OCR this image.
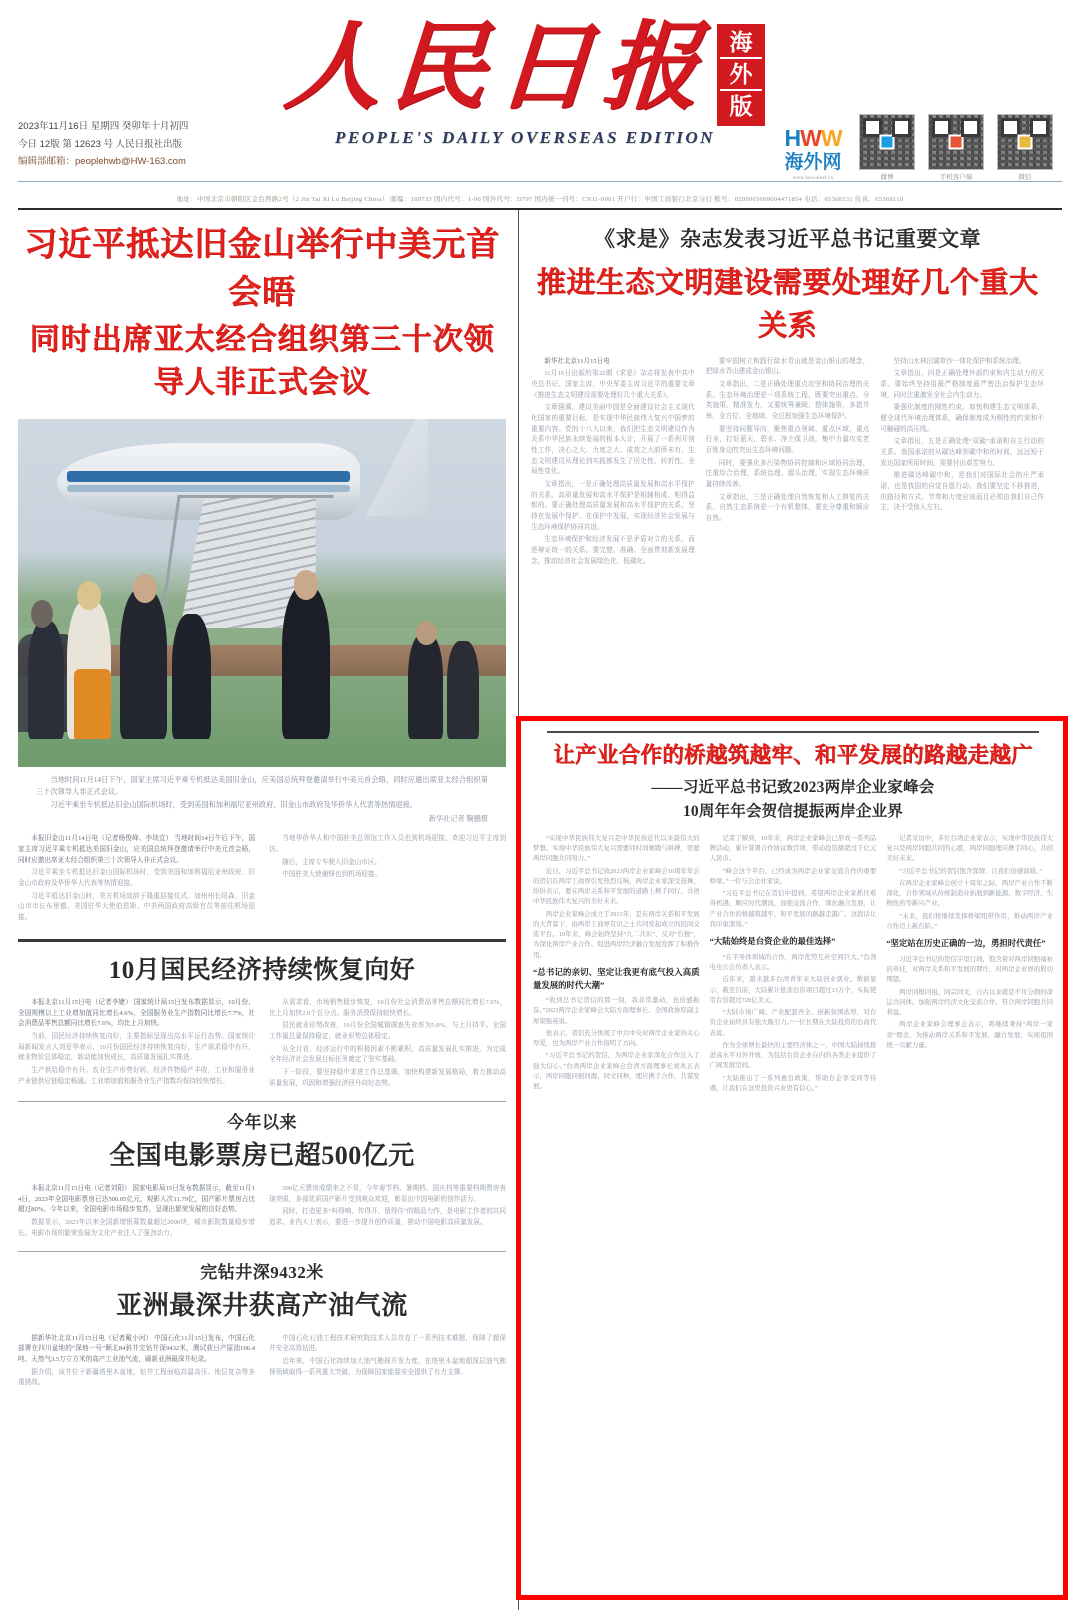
2023年11月16日 星期四 癸卯年十月初四
今日 12版 第 12623 号 人民日报社出版
编辑部邮箱：peoplehwb@HW-163.com
人民日报 海
外
版
PEOPLE'S DAILY OVERSEAS EDITION	HWW
海外网
www.haiwainet.cn	微博	手机客户端	微信
地址：中国北京市朝阳区金台西路2号（2 Jin Tai Xi Lu Beijing China） 邮编：100733 国内代号：1-96 国外代号：D797 国内统一刊号：CN11-0001 开户行：中国工商银行北京分行 账号：0200003609004471854 电话：65368131 传真：65368110
习近平抵达旧金山举行中美元首会晤
同时出席亚太经合组织第三十次领导人非正式会议

当地时间11月14日下午，国家主席习近平乘专机抵达美国旧金山，应美国总统拜登邀请举行中美元首会晤，同时应邀出席亚太经合组织第三十次领导人非正式会议。

习近平乘坐专机抵达旧金山国际机场时，受到美国和加利福尼亚州政府、旧金山市政府及华侨华人代表等热情迎接。

新华社记者 鞠鹏摄

本报旧金山11月14日电（记者杨俊峰、李琰宜） 当地时间14日午后下午，国家主席习近平乘专机抵达美国旧金山，应美国总统拜登邀请举行中美元首会晤，同时应邀出席亚太经合组织第三十次领导人非正式会议。

习近平乘坐专机抵达旧金山国际机场时，受到美国和加利福尼亚州政府、旧金山市政府及华侨华人代表等热情迎接。

习近平抵达旧金山时，美方机场致辞于隆重迎接仪式。加州州长纽森、旧金山市市长布里德、美国驻华大使伯恩斯、中美两国政府高级官员等前往机场迎接。

当地华侨华人和中国驻美总领馆工作人员也到机场迎接，欢迎习近平主席到访。

随后，主席专车驶入旧金山市区。

中国驻美大使谢锋也到机场迎接。

10月国民经济持续恢复向好

本报北京11月15日电（记者李婕） 国家统计局15日发布数据显示，10月份，全国规模以上工业增加值同比增长4.6%，全国服务业生产指数同比增长7.7%，社会消费品零售总额同比增长7.6%，均比上月加快。

当前，国民经济持续恢复向好，主要指标呈现出高水平运行态势。国家统计局新闻发言人刘爱华表示，10月份国民经济持续恢复向好，生产需求稳中有升，就业物价总体稳定，新动能加快成长，高质量发展扎实推进。

生产供给稳中有升。农业生产形势好转，经济作物稳产丰收，工业和服务业产业链供应链稳定畅通。工业增加值和服务业生产指数均保持较快增长。

从需求看，市场销售稳步恢复，10月份社会消费品零售总额同比增长7.6%，比上月加快2.0个百分点。服务消费保持较快增长。

居民就业形势改善，10月份全国城镇调查失业率为5.0%，与上月持平。全国工作量总量保持稳定，就业形势总体稳定。

从全月看，经济运行中的积极因素不断累积，高质量发展扎实推进，为完成全年经济社会发展目标任务奠定了坚实基础。

下一阶段，要坚持稳中求进工作总基调，加快构建新发展格局，着力推动高质量发展，巩固和增强经济回升向好态势。

今年以来
全国电影票房已超500亿元

本报北京11月15日电（记者刘阳） 国家电影局15日发布数据显示，截至11月14日，2023年全国电影票房已达500.05亿元，观影人次11.79亿，国产影片票房占比超过80%。今年以来，全国电影市场稳步复苏，呈现出繁荣发展的良好态势。

数据显示，2023年以来全国新增银幕数量超过2000块，城市影院数量稳步增长。电影市场的繁荣发展为文化产业注入了强劲动力。

500亿元票房成绩来之不易，今年春节档、暑期档、国庆档等重要档期票房表现亮眼，多部优质国产影片受到观众欢迎，彰显出中国电影的创作活力。

同时，打造更多“叫得响、传得开、留得住”的精品力作，是电影工作者的共同追求。业内人士表示，要进一步提升创作质量，推动中国电影高质量发展。

完钻井深9432米
亚洲最深井获高产油气流

据新华社北京11月15日电（记者戴小河） 中国石化11月15日发布，中国石化部署在四川盆地的“深地一号”顺北84斜井完钻井深9432米，测试获日产原油106.4吨、天然气3.5万立方米的高产工业油气流，刷新亚洲最深井纪录。

据介绍，该井位于新疆塔里木盆地，钻井工程面临高温高压、地层复杂等多重挑战。

中国石化石油工程技术研究院技术人员攻克了一系列技术难题，保障了超深井安全高效钻进。

近年来，中国石化持续加大油气勘探开发力度，在塔里木盆地超深层油气勘探领域取得一系列重大突破，为保障国家能源安全提供了有力支撑。

《求是》杂志发表习近平总书记重要文章
推进生态文明建设需要处理好几个重大关系

新华社北京11月15日电

11月16日出版的第22期《求是》杂志将发表中共中央总书记、国家主席、中央军委主席习近平的重要文章《推进生态文明建设需要处理好几个重大关系》。

文章强调，建设美丽中国是全面建设社会主义现代化国家的重要目标，是实现中华民族伟大复兴中国梦的重要内容。党的十八大以来，我们把生态文明建设作为关系中华民族永续发展的根本大计，开展了一系列开创性工作，决心之大、力度之大、成效之大前所未有，生态文明建设从理论到实践都发生了历史性、转折性、全局性变化。

文章指出，一是正确处理高质量发展和高水平保护的关系。高质量发展和高水平保护是相辅相成、相得益彰的。要正确处理高质量发展和高水平保护的关系，坚持在发展中保护、在保护中发展，实现经济社会发展与生态环境保护协同共进。

生态环境保护和经济发展不是矛盾对立的关系，而是辩证统一的关系。要完整、准确、全面贯彻新发展理念，推动经济社会发展绿色化、低碳化。

要牢固树立和践行绿水青山就是金山银山的理念，把绿水青山建成金山银山。

文章指出，二是正确处理重点攻坚和协同治理的关系。生态环境治理是一项系统工程，既要突出重点、分类施策、精准发力，又要统筹兼顾、整体施策、多措并举，全方位、全地域、全过程加强生态环境保护。

要坚持问题导向，聚焦重点领域、重点区域、重点行业，打好蓝天、碧水、净土保卫战，集中力量攻克老百姓身边的突出生态环境问题。

同时，要强化多污染物协同控制和区域协同治理，注重综合治理、系统治理、源头治理，实现生态环境质量持续改善。

文章指出，三是正确处理自然恢复和人工修复的关系。自然生态系统是一个有机整体，要充分尊重和顺应自然。

坚持山水林田湖草沙一体化保护和系统治理。

文章指出，四是正确处理外部约束和内生动力的关系。要始终坚持用最严格制度最严密法治保护生态环境，同时注重激发全社会内生动力。

要强化制度的刚性约束，加快构建生态文明体系，健全现代环境治理体系，确保制度成为刚性的约束和不可触碰的高压线。

文章指出，五是正确处理“双碳”承诺和自主行动的关系。我国承诺的从碳达峰到碳中和的时间，远远短于发达国家所用时间，需要付出艰苦努力。

推进碳达峰碳中和，是我们对国际社会的庄严承诺，也是我国的自觉自愿行动。我们要坚定不移推进，但路径和方式、节奏和力度应该而且必须由我们自己作主，决不受他人左右。

让产业合作的桥越筑越牢、和平发展的路越走越广
——习近平总书记致2023两岸企业家峰会
10周年年会贺信提振两岸企业界

“实现中华民族伟大复兴是中华民族近代以来最伟大的梦想。实现中华民族伟大复兴需要同时间赛跑与拼搏，需要两岸同胞共同努力。”

近日，习近平总书记致2023两岸企业家峰会10周年年会的贺信在两岸工商界引发热烈反响，两岸企业家深受鼓舞，纷纷表示，要在两岸关系和平发展的道路上携手同行，共创中华民族伟大复兴的美好未来。

两岸企业家峰会成立于2013年，是在两岸关系和平发展的大背景下，由两岸工商界有识之士共同发起成立的民间交流平台。10年来，峰会始终坚持“九二共识”、反对“台独”，为深化两岸产业合作、促进两岸经济融合发展发挥了积极作用。

“总书记的亲切、坚定让我更有底气投入高质量发展的时代大潮”

“收到总书记贺信的那一刻，我非常激动，也倍感振奋。”2023两岸企业家峰会大陆方面理事长、全国政协原副主席梁振英说。

他表示，贺信充分体现了中共中央对两岸企业家的关心厚爱，也为两岸产业合作指明了方向。

“习近平总书记的贺信，为两岸企业家深化合作注入了强大信心。”台湾两岸企业家峰会台湾方面理事长刘兆玄表示，两岸同胞同根同源、同文同种，理应携手合作、共谋发展。

记者了解到，10年来，两岸企业家峰会已形成一系列品牌活动，累计签署合作协议数百项，带动投资额超过千亿元人民币。

“峰会这个平台，已经成为两岸企业家交流合作的重要桥梁。”一位与会企业家说。

“习近平总书记在贺信中提到，希望两岸企业家抓住难得机遇，顺应时代潮流，加强交流合作，深化融合发展，让产业合作的桥越筑越牢、和平发展的路越走越广。这段话让我印象深刻。”

“大陆始终是台资企业的最佳选择”

“在半导体领域的合作，两岸优势互补空间巨大。”台湾电电公会负责人表示。

近年来，越来越多台湾青年来大陆创业就业。数据显示，截至目前，大陆累计批准台资项目超过13万个，实际使用台资超过720亿美元。

“大陆市场广阔、产业配套齐全、创新氛围浓厚，对台资企业始终具有强大吸引力。”一位长期在大陆投资的台商代表说。

作为全球增长最快的主要经济体之一，中国大陆持续推进高水平对外开放，为包括台资企业在内的各类企业提供了广阔发展空间。

“大陆推出了一系列惠台政策，帮助台企享受同等待遇，让我们在这里投资兴业更有信心。”

记者采访中，多位台湾企业家表示，实现中华民族伟大复兴是两岸同胞共同的心愿，两岸同胞理应携手同心，共创美好未来。

“习近平总书记的贺信饱含深情，让我们倍感温暖。”

在两岸企业家峰会创立十周年之际，两岸产业合作不断深化，合作领域从传统制造业拓展到新能源、数字经济、生物医药等新兴产业。

“未来，我们将继续发挥桥梁纽带作用，推动两岸产业合作迈上新台阶。”

“坚定站在历史正确的一边，勇担时代责任”

习近平总书记的贺信字里行间，饱含着对两岸同胞福祉的牵挂，对两岸关系和平发展的期许，对两岸企业界的殷切期望。

两岸同根同祖、同宗同文，自古以来就是不可分割的命运共同体。加强两岸经济文化交流合作，符合两岸同胞共同利益。

两岸企业家峰会理事会表示，将继续秉持“两岸一家亲”理念，为推动两岸关系和平发展、融合发展、实现祖国统一贡献力量。
